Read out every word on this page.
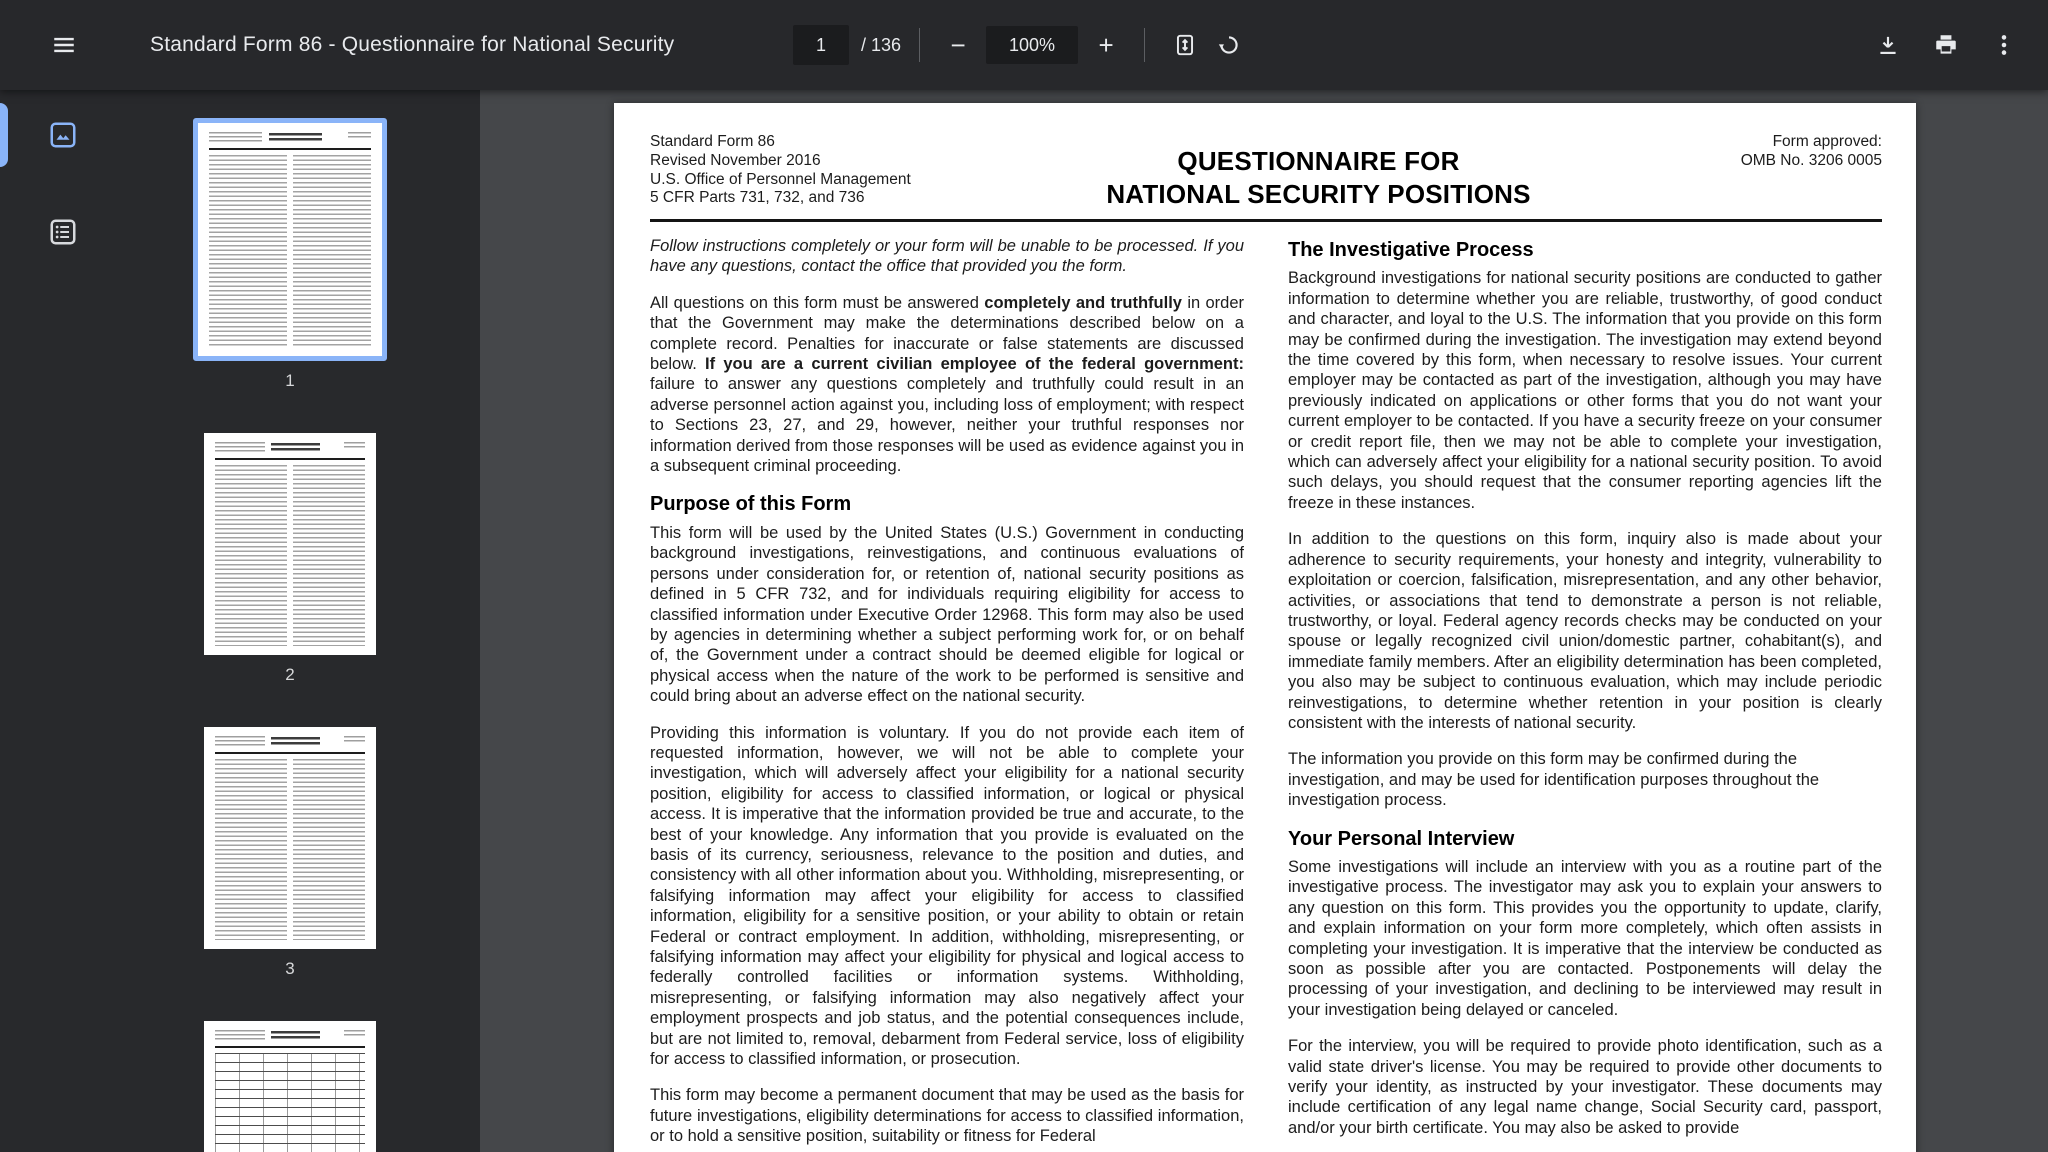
Standard Form 86 - Questionnaire for National Security
1	/ 136	−	100%	+
1
2
3
Standard Form 86
Revised November 2016
U.S. Office of Personnel Management
5 CFR Parts 731, 732, and 736
QUESTIONNAIRE FOR
NATIONAL SECURITY POSITIONS
Form approved:
OMB No. 3206 0005

Follow instructions completely or your form will be unable to be processed. If you have any questions, contact the office that provided you the form.

All questions on this form must be answered completely and truthfully in order that the Government may make the determinations described below on a complete record. Penalties for inaccurate or false statements are discussed below. If you are a current civilian employee of the federal government: failure to answer any questions completely and truthfully could result in an adverse personnel action against you, including loss of employment; with respect to Sections 23, 27, and 29, however, neither your truthful responses nor information derived from those responses will be used as evidence against you in a subsequent criminal proceeding.

Purpose of this Form

This form will be used by the United States (U.S.) Government in conducting background investigations, reinvestigations, and continuous evaluations of persons under consideration for, or retention of, national security positions as defined in 5 CFR 732, and for individuals requiring eligibility for access to classified information under Executive Order 12968. This form may also be used by agencies in determining whether a subject performing work for, or on behalf of, the Government under a contract should be deemed eligible for logical or physical access when the nature of the work to be performed is sensitive and could bring about an adverse effect on the national security.

Providing this information is voluntary. If you do not provide each item of requested information, however, we will not be able to complete your investigation, which will adversely affect your eligibility for a national security position, eligibility for access to classified information, or logical or physical access. It is imperative that the information provided be true and accurate, to the best of your knowledge. Any information that you provide is evaluated on the basis of its currency, seriousness, relevance to the position and duties, and consistency with all other information about you. Withholding, misrepresenting, or falsifying information may affect your eligibility for access to classified information, eligibility for a sensitive position, or your ability to obtain or retain Federal or contract employment. In addition, withholding, misrepresenting, or falsifying information may affect your eligibility for physical and logical access to federally controlled facilities or information systems. Withholding, misrepresenting, or falsifying information may also negatively affect your employment prospects and job status, and the potential consequences include, but are not limited to, removal, debarment from Federal service, loss of eligibility for access to classified information, or prosecution.

This form may become a permanent document that may be used as the basis for future investigations, eligibility determinations for access to classified information, or to hold a sensitive position, suitability or fitness for Federal

The Investigative Process

Background investigations for national security positions are conducted to gather information to determine whether you are reliable, trustworthy, of good conduct and character, and loyal to the U.S. The information that you provide on this form may be confirmed during the investigation. The investigation may extend beyond the time covered by this form, when necessary to resolve issues. Your current employer may be contacted as part of the investigation, although you may have previously indicated on applications or other forms that you do not want your current employer to be contacted. If you have a security freeze on your consumer or credit report file, then we may not be able to complete your investigation, which can adversely affect your eligibility for a national security position. To avoid such delays, you should request that the consumer reporting agencies lift the freeze in these instances.

In addition to the questions on this form, inquiry also is made about your adherence to security requirements, your honesty and integrity, vulnerability to exploitation or coercion, falsification, misrepresentation, and any other behavior, activities, or associations that tend to demonstrate a person is not reliable, trustworthy, or loyal. Federal agency records checks may be conducted on your spouse or legally recognized civil union/domestic partner, cohabitant(s), and immediate family members. After an eligibility determination has been completed, you also may be subject to continuous evaluation, which may include periodic reinvestigations, to determine whether retention in your position is clearly consistent with the interests of national security.

The information you provide on this form may be confirmed during the investigation, and may be used for identification purposes throughout the investigation process.

Your Personal Interview

Some investigations will include an interview with you as a routine part of the investigative process. The investigator may ask you to explain your answers to any question on this form. This provides you the opportunity to update, clarify, and explain information on your form more completely, which often assists in completing your investigation. It is imperative that the interview be conducted as soon as possible after you are contacted. Postponements will delay the processing of your investigation, and declining to be interviewed may result in your investigation being delayed or canceled.

For the interview, you will be required to provide photo identification, such as a valid state driver's license. You may be required to provide other documents to verify your identity, as instructed by your investigator. These documents may include certification of any legal name change, Social Security card, passport, and/or your birth certificate. You may also be asked to provide
